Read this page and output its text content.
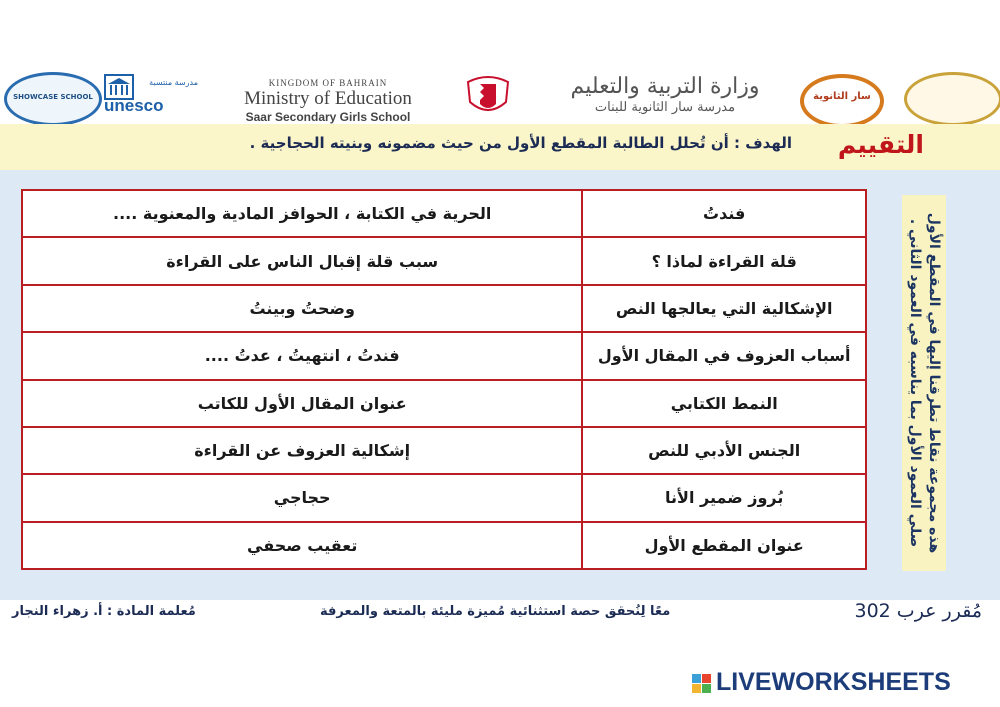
SHOWCASE SCHOOL unesco
مدرسة منتسبة	KINGDOM OF BAHRAIN
Ministry of Education
Saar Secondary Girls School
وزارة التربية والتعليم
مدرسة سار الثانوية للبنات
سار الثانوية
التقييم
الهدف : أن تُحلل الطالبة المقطع الأول من حيث مضمونه وبنيته الحجاجية .
هذه مجموعة نقاط تطرقنا إليها في المقطع الأول صلي العمود الأول بما يناسبه في العمود الثاني .
الحرية في الكتابة ، الحوافز المادية والمعنوية ....	فندتُ
سبب قلة إقبال الناس على القراءة	قلة القراءة لماذا ؟
وضحتُ وبينتُ	الإشكالية التي يعالجها النص
فندتُ ، انتهيتُ ، عدتُ ....	أسباب العزوف في المقال الأول
عنوان المقال الأول للكاتب	النمط الكتابي
إشكالية العزوف عن القراءة	الجنس الأدبي للنص
حجاجي	بُروز ضمير الأنا
تعقيب صحفي	عنوان المقطع الأول
مُقرر عرب 302
معًا لِنُحقق حصة استثنائية مُميزة مليئة بالمتعة والمعرفة
مُعلمة المادة : أ. زهراء النجار
LIVEWORKSHEETS
